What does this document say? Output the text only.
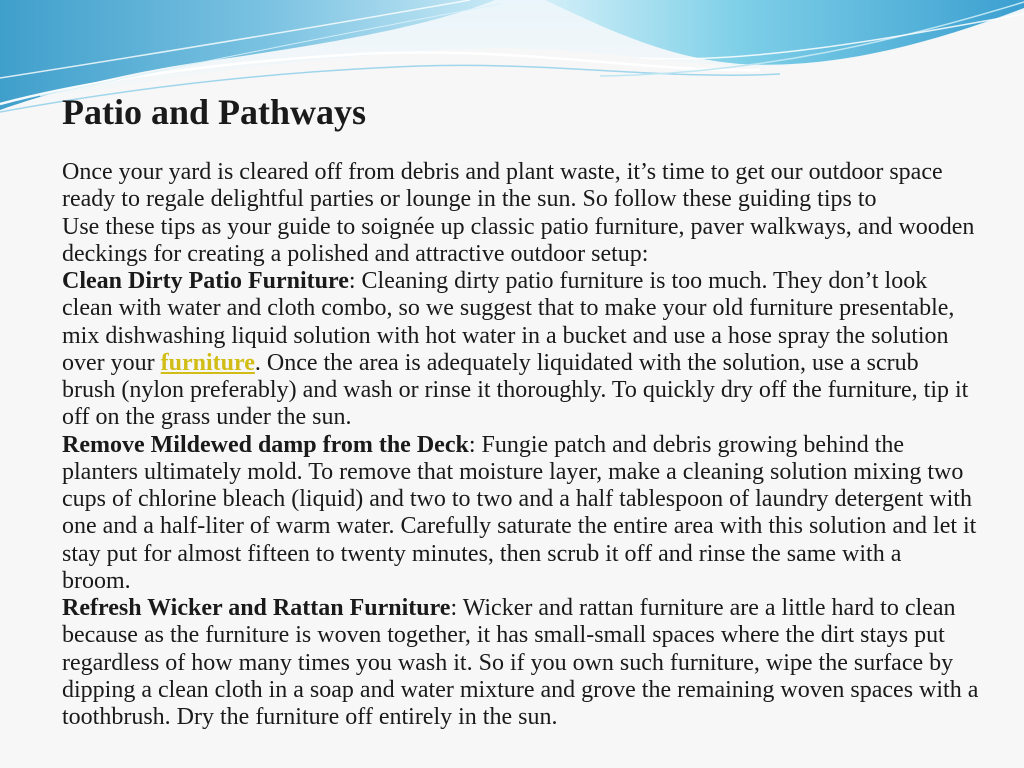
Patio and Pathways
Once your yard is cleared off from debris and plant waste, it’s time to get our outdoor space
ready to regale delightful parties or lounge in the sun. So follow these guiding tips to
Use these tips as your guide to soignée up classic patio furniture, paver walkways, and wooden
deckings for creating a polished and attractive outdoor setup:
Clean Dirty Patio Furniture: Cleaning dirty patio furniture is too much. They don’t look
clean with water and cloth combo, so we suggest that to make your old furniture presentable,
mix dishwashing liquid solution with hot water in a bucket and use a hose spray the solution
over your furniture. Once the area is adequately liquidated with the solution, use a scrub
brush (nylon preferably) and wash or rinse it thoroughly. To quickly dry off the furniture, tip it
off on the grass under the sun.
Remove Mildewed damp from the Deck: Fungie patch and debris growing behind the
planters ultimately mold. To remove that moisture layer, make a cleaning solution mixing two
cups of chlorine bleach (liquid) and two to two and a half tablespoon of laundry detergent with
one and a half-liter of warm water. Carefully saturate the entire area with this solution and let it
stay put for almost fifteen to twenty minutes, then scrub it off and rinse the same with a
broom.
Refresh Wicker and Rattan Furniture: Wicker and rattan furniture are a little hard to clean
because as the furniture is woven together, it has small-small spaces where the dirt stays put
regardless of how many times you wash it. So if you own such furniture, wipe the surface by
dipping a clean cloth in a soap and water mixture and grove the remaining woven spaces with a
toothbrush. Dry the furniture off entirely in the sun.
